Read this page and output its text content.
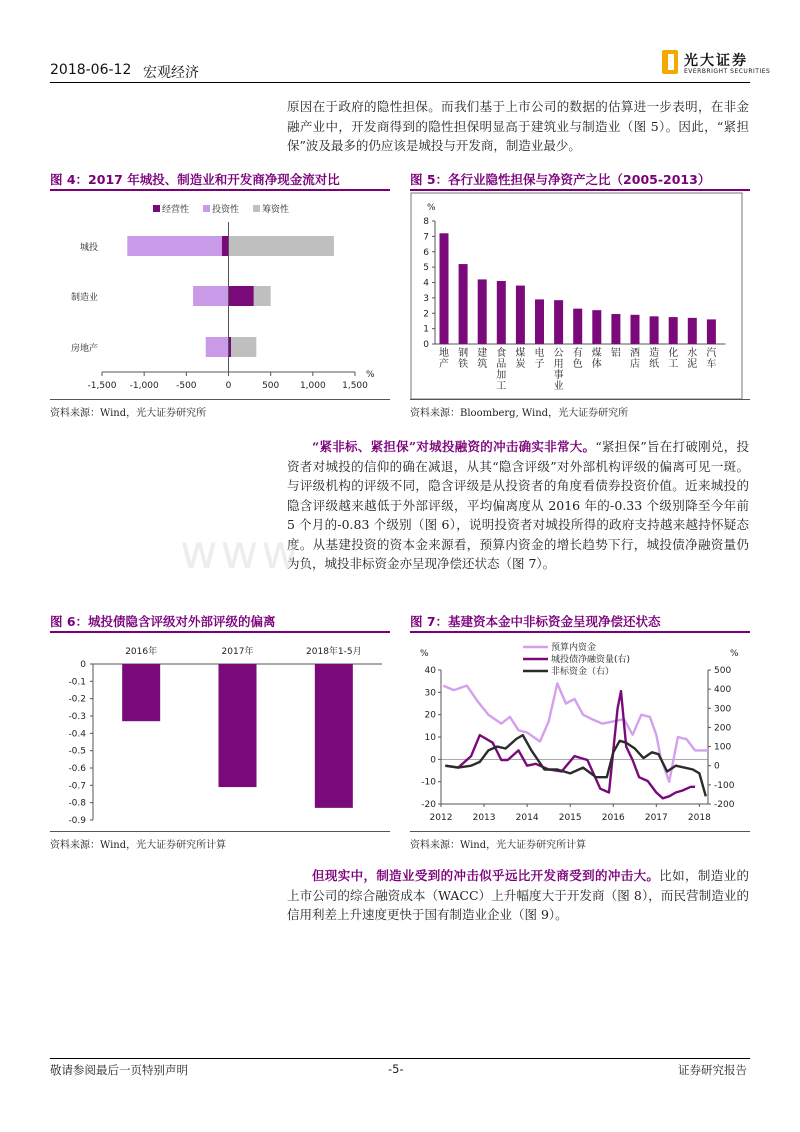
2018-06-12 宏观经济
光大证券
EVERBRIGHT SECURITIES
原因在于政府的隐性担保。而我们基于上市公司的数据的估算进一步表明，在非金融产业中，开发商得到的隐性担保明显高于建筑业与制造业（图 5）。因此，“紧担保”波及最多的仍应该是城投与开发商，制造业最少。
图 4：2017 年城投、制造业和开发商净现金流对比
经营性	投资性	筹资性
城投
制造业
房地产
-1,500 -1,000 -500	0	500 1,000 1,500
%
资料来源：Wind，光大证券研究所
图 5：各行业隐性担保与净资产之比（2005-2013）
%
0
1
2
3
4
5
6
7
8
地产
钢铁
建筑
食品加工
煤炭
电子
公用事业
有色
煤体
铝 酒店
造纸
化工
水泥
汽车
资料来源：Bloomberg, Wind，光大证券研究所
“紧非标、紧担保”对城投融资的冲击确实非常大。“紧担保”旨在打破刚兑，投资者对城投的信仰的确在减退，从其“隐含评级”对外部机构评级的偏离可见一斑。与评级机构的评级不同，隐含评级是从投资者的角度看债券投资价值。近来城投的隐含评级越来越低于外部评级，平均偏离度从 2016 年的-0.33 个级别降至今年前 5 个月的-0.83 个级别（图 6），说明投资者对城投所得的政府支持越来越持怀疑态度。从基建投资的资本金来源看，预算内资金的增长趋势下行，城投债净融资量仍为负，城投非标资金亦呈现净偿还状态（图 7）。
www.
图 6：城投债隐含评级对外部评级的偏离
0
-0.1
-0.2
-0.3
-0.4
-0.5
-0.6
-0.7
-0.8
-0.9
2016年	2017年	2018年1-5月
资料来源：Wind，光大证券研究所计算
图 7：基建资本金中非标资金呈现净偿还状态
%	%
-20
-10
0
10
20
30
40
-200
-100
0
100
200
300
400
500
2012 2013 2014 2015 2016 2017 2018
预算内资金
城投债净融资量(右)
非标资金（右）
资料来源：Wind，光大证券研究所计算
但现实中，制造业受到的冲击似乎远比开发商受到的冲击大。比如，制造业的上市公司的综合融资成本（WACC）上升幅度大于开发商（图 8），而民营制造业的信用利差上升速度更快于国有制造业企业（图 9）。
敬请参阅最后一页特别声明	-5-	证券研究报告
